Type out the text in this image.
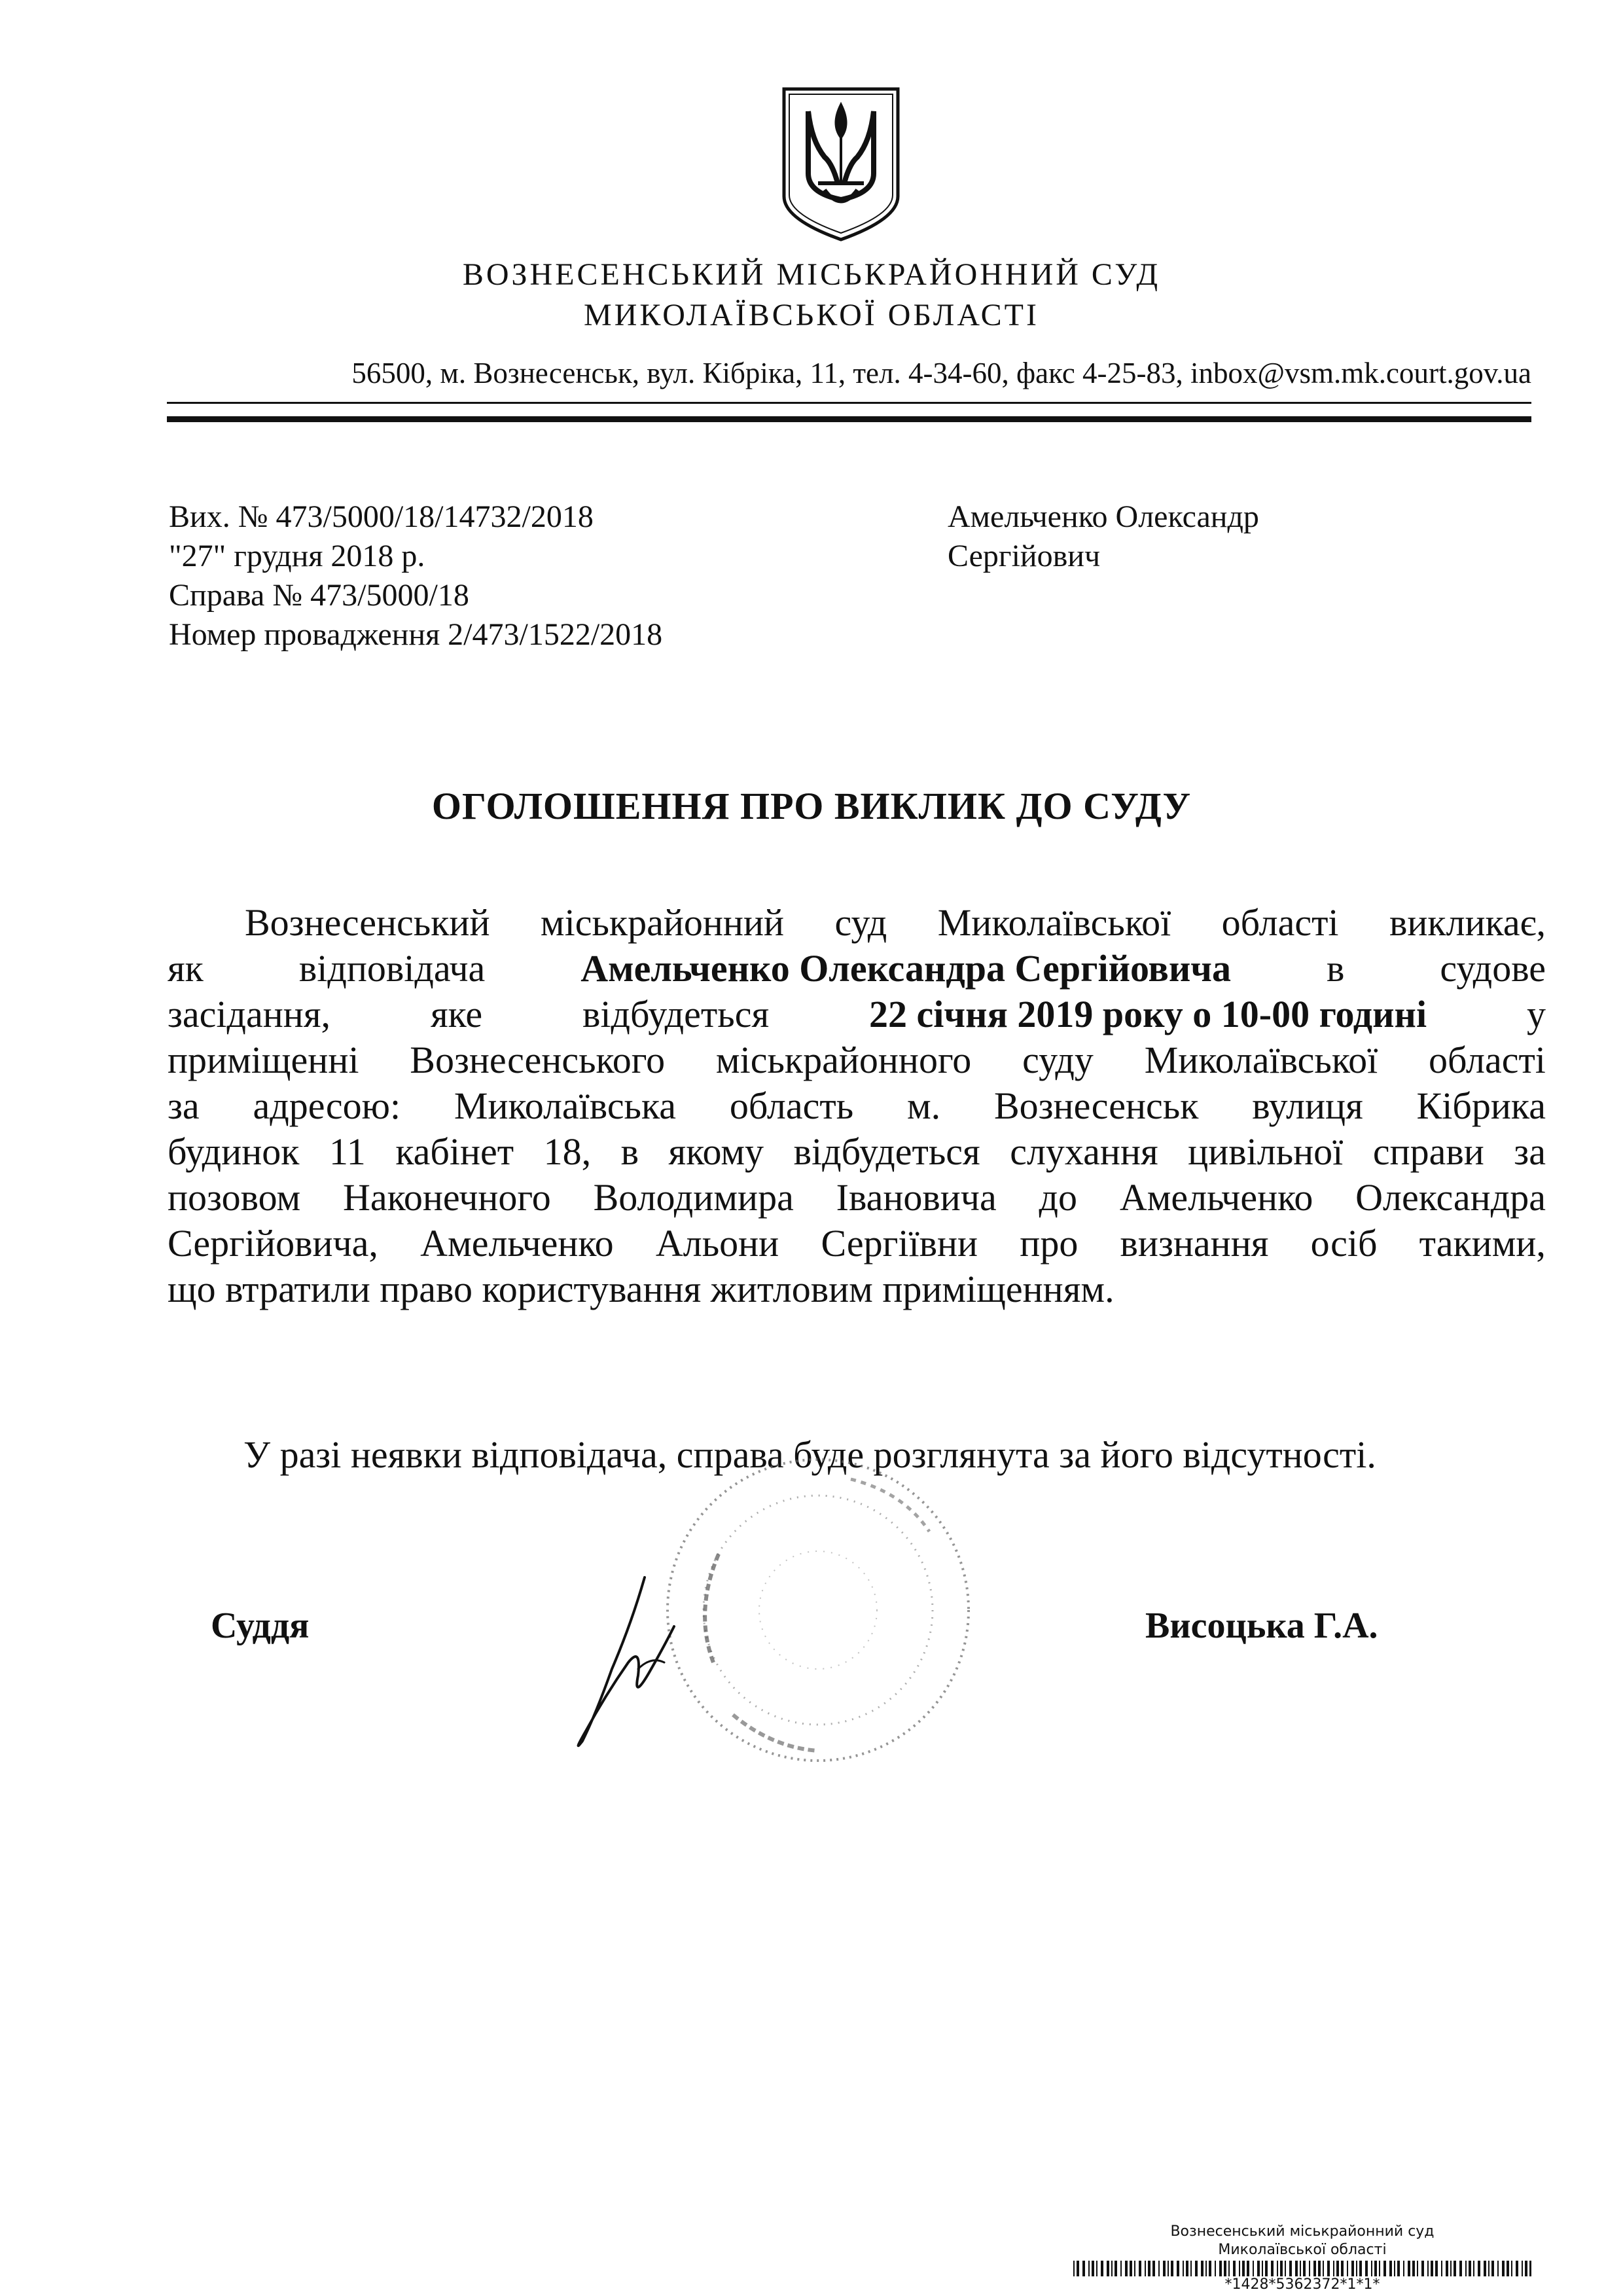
ВОЗНЕСЕНСЬКИЙ МІСЬКРАЙОННИЙ СУД
МИКОЛАЇВСЬКОЇ ОБЛАСТІ
56500, м. Вознесенськ, вул. Кібріка, 11, тел. 4-34-60, факс 4-25-83, inbox@vsm.mk.court.gov.ua
Вих. № 473/5000/18/14732/2018
"27" грудня 2018 р.
Справа № 473/5000/18
Номер провадження 2/473/1522/2018
Амельченко Олександр
Сергійович
ОГОЛОШЕННЯ ПРО ВИКЛИК ДО СУДУ
Вознесенський міськрайонний суд Миколаївської області викликає,
як	відповідача	Амельченко Олександра Сергійовича	в	судове
засідання,	яке	відбудеться	22 січня 2019 року о 10-00 годині	у
приміщенні Вознесенського міськрайонного суду Миколаївської області
за адресою: Миколаївська область м. Вознесенськ вулиця Кібрика
будинок 11 кабінет 18, в якому відбудеться слухання цивільної справи за
позовом Наконечного Володимира Івановича до Амельченко Олександра
Сергійовича, Амельченко Альони Сергіївни про визнання осіб такими,
що втратили право користування житловим приміщенням.
У разі неявки відповідача, справа буде розглянута за його відсутності.
Суддя	Висоцька Г.А.
Вознесенський міськрайонний суд
Миколаївської області
*1428*5362372*1*1*
